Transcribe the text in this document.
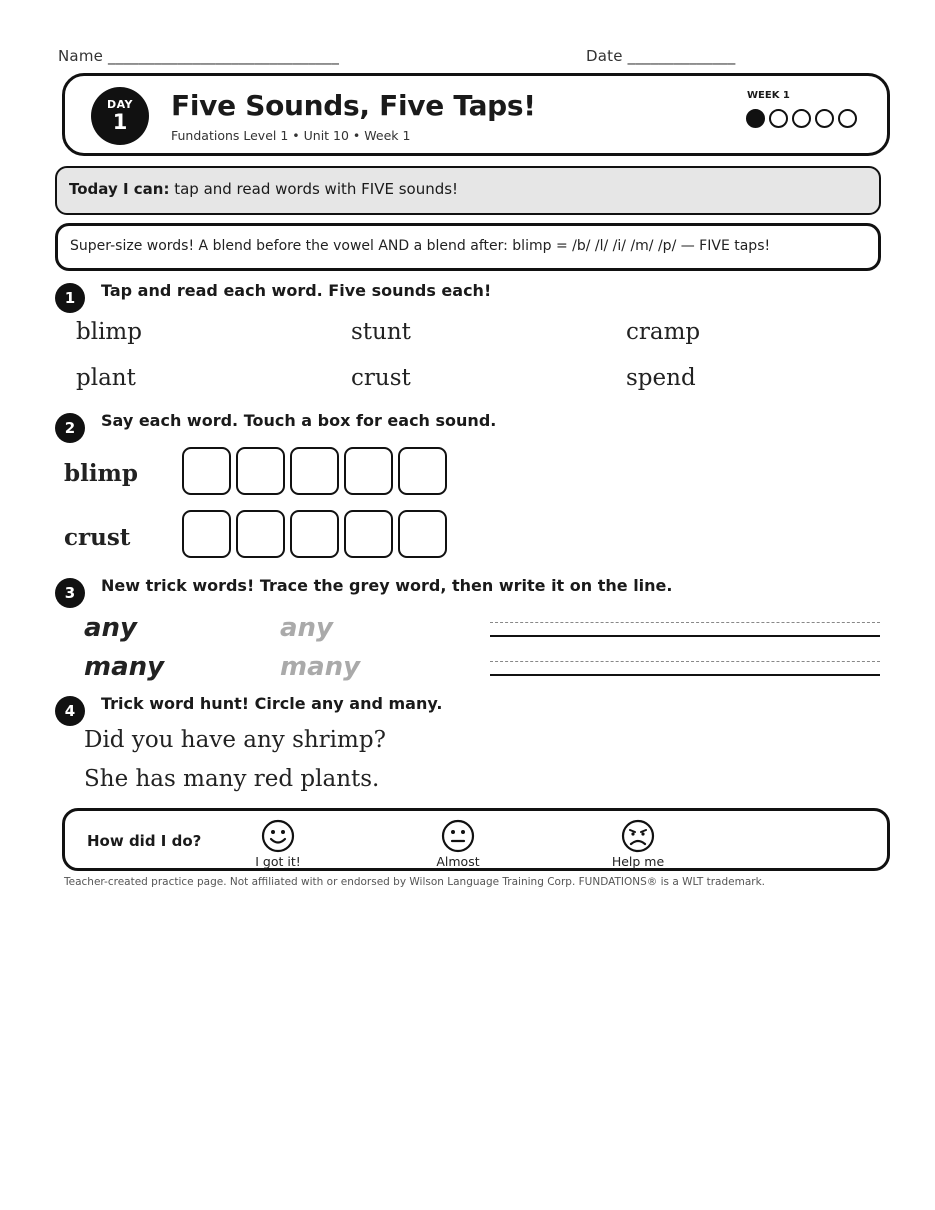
Name ______________________________	Date ______________
DAY
1	Five Sounds, Five Taps!
Fundations Level 1 • Unit 10 • Week 1
WEEK 1
Today I can: tap and read words with FIVE sounds!
Super-size words! A blend before the vowel AND a blend after: blimp = /b/ /l/ /i/ /m/ /p/ — FIVE taps!
1	Tap and read each word. Five sounds each!
blimp	stunt	cramp
plant	crust	spend
2	Say each word. Touch a box for each sound.
blimp
crust
3	New trick words! Trace the grey word, then write it on the line.
any	any
many	many
4	Trick word hunt! Circle any and many.
Did you have any shrimp?
She has many red plants.
How did I do?
I got it!	Almost	Help me
Teacher-created practice page. Not affiliated with or endorsed by Wilson Language Training Corp. FUNDATIONS® is a WLT trademark.
